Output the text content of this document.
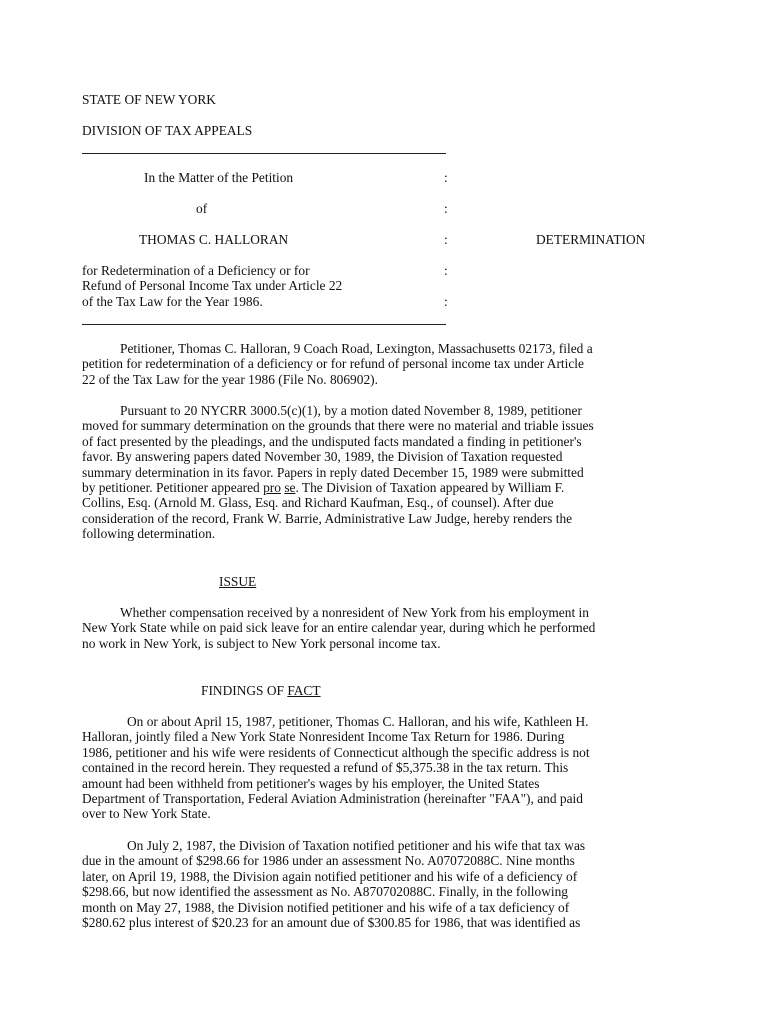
STATE OF NEW YORK
DIVISION OF TAX APPEALS
In the Matter of the Petition	:
of	:
THOMAS C. HALLORAN	:	DETERMINATION
for Redetermination of a Deficiency or for	:
Refund of Personal Income Tax under Article 22
of the Tax Law for the Year 1986.	:

Petitioner, Thomas C. Halloran, 9 Coach Road, Lexington, Massachusetts 02173, filed a

petition for redetermination of a deficiency or for refund of personal income tax under Article

22 of the Tax Law for the year 1986 (File No. 806902).

Pursuant to 20 NYCRR 3000.5(c)(1), by a motion dated November 8, 1989, petitioner

moved for summary determination on the grounds that there were no material and triable issues

of fact presented by the pleadings, and the undisputed facts mandated a finding in petitioner's

favor. By answering papers dated November 30, 1989, the Division of Taxation requested

summary determination in its favor. Papers in reply dated December 15, 1989 were submitted

by petitioner. Petitioner appeared pro se. The Division of Taxation appeared by William F.

Collins, Esq. (Arnold M. Glass, Esq. and Richard Kaufman, Esq., of counsel). After due

consideration of the record, Frank W. Barrie, Administrative Law Judge, hereby renders the

following determination.

ISSUE

Whether compensation received by a nonresident of New York from his employment in

New York State while on paid sick leave for an entire calendar year, during which he performed

no work in New York, is subject to New York personal income tax.

FINDINGS OF FACT

On or about April 15, 1987, petitioner, Thomas C. Halloran, and his wife, Kathleen H.

Halloran, jointly filed a New York State Nonresident Income Tax Return for 1986. During

1986, petitioner and his wife were residents of Connecticut although the specific address is not

contained in the record herein. They requested a refund of $5,375.38 in the tax return. This

amount had been withheld from petitioner's wages by his employer, the United States

Department of Transportation, Federal Aviation Administration (hereinafter "FAA"), and paid

over to New York State.

On July 2, 1987, the Division of Taxation notified petitioner and his wife that tax was

due in the amount of $298.66 for 1986 under an assessment No. A07072088C. Nine months

later, on April 19, 1988, the Division again notified petitioner and his wife of a deficiency of

$298.66, but now identified the assessment as No. A870702088C. Finally, in the following

month on May 27, 1988, the Division notified petitioner and his wife of a tax deficiency of

$280.62 plus interest of $20.23 for an amount due of $300.85 for 1986, that was identified as
